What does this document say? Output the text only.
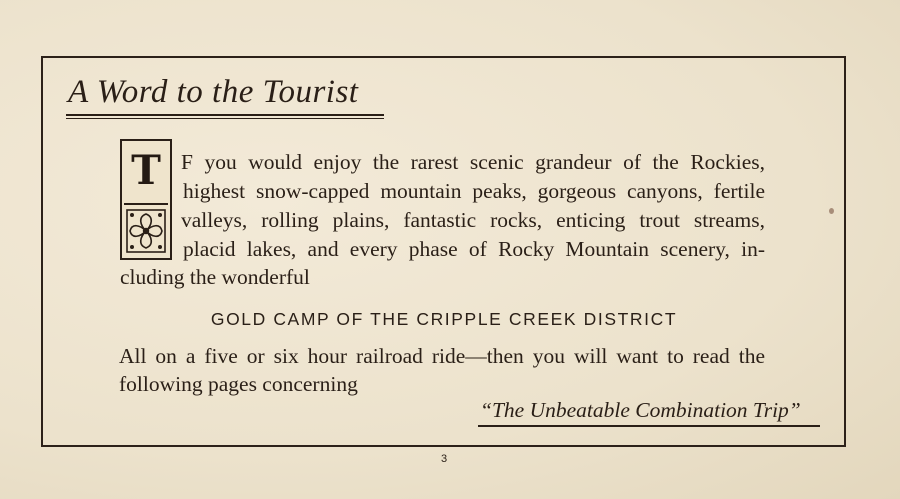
A Word to the Tourist
T F you would enjoy the rarest scenic grandeur of the Rockies,
highest snow-capped mountain peaks, gorgeous canyons, fertile
valleys, rolling plains, fantastic rocks, enticing trout streams,
placid lakes, and every phase of Rocky Mountain scenery, in-
cluding the wonderful
GOLD CAMP OF THE CRIPPLE CREEK DISTRICT
All on a five or six hour railroad ride—then you will want to read the
following pages concerning
“The Unbeatable Combination Trip”
3
